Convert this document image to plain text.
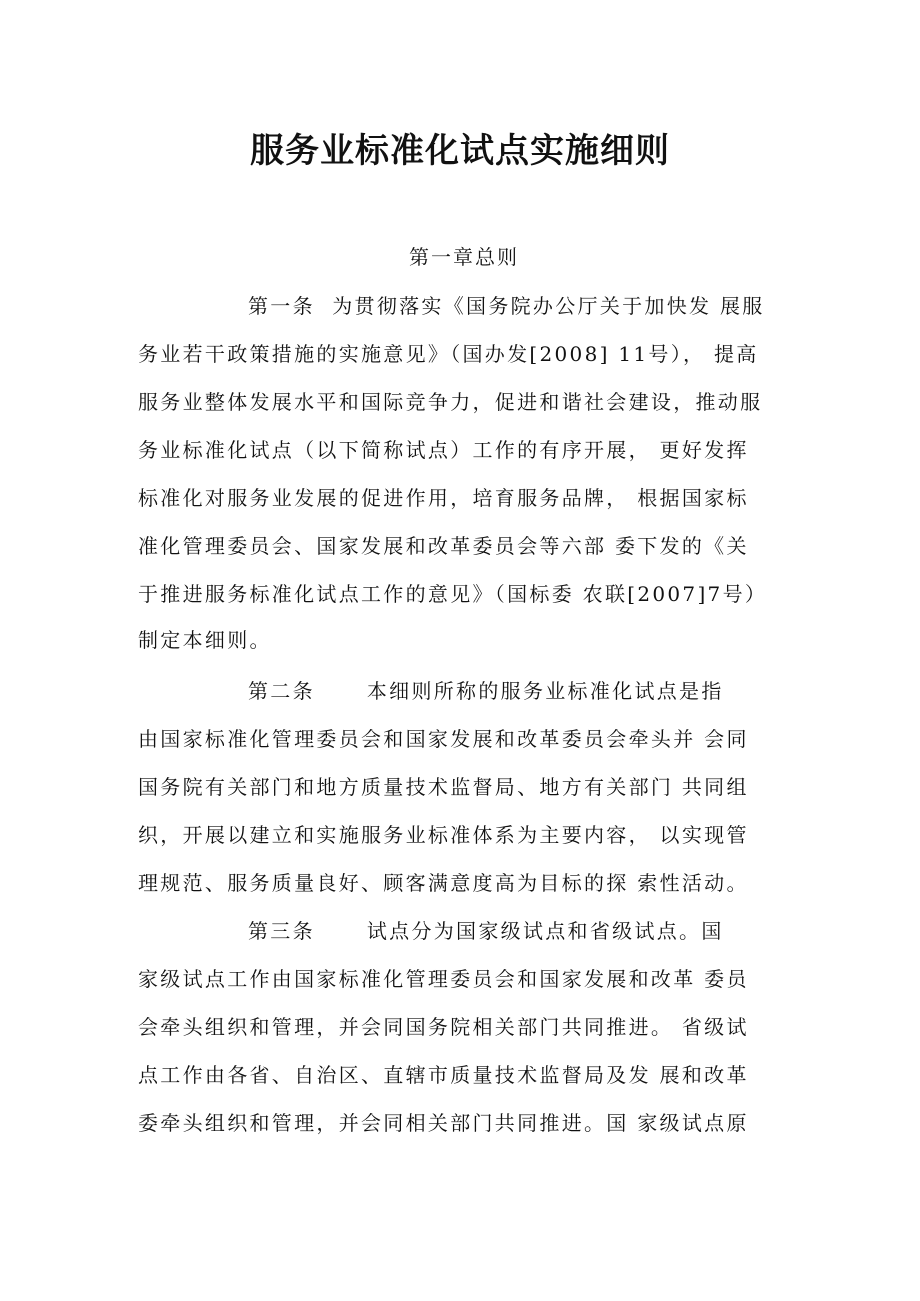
服务业标准化试点实施细则
第一章总则
第一条  为贯彻落实《国务院办公厅关于加快发 展服
务业若干政策措施的实施意见》（国办发[2008] 11号）， 提高
服务业整体发展水平和国际竞争力，促进和谐社会建设，推动服
务业标准化试点（以下简称试点）工作的有序开展， 更好发挥
标准化对服务业发展的促进作用，培育服务品牌， 根据国家标
准化管理委员会、国家发展和改革委员会等六部 委下发的《关
于推进服务标准化试点工作的意见》（国标委 农联[2007]7号）
制定本细则。
第二条      本细则所称的服务业标准化试点是指
由国家标准化管理委员会和国家发展和改革委员会牵头并 会同
国务院有关部门和地方质量技术监督局、地方有关部门 共同组
织，开展以建立和实施服务业标准体系为主要内容， 以实现管
理规范、服务质量良好、顾客满意度高为目标的探 索性活动。
第三条      试点分为国家级试点和省级试点。国
家级试点工作由国家标准化管理委员会和国家发展和改革 委员
会牵头组织和管理，并会同国务院相关部门共同推进。 省级试
点工作由各省、自治区、直辖市质量技术监督局及发 展和改革
委牵头组织和管理，并会同相关部门共同推进。国 家级试点原
